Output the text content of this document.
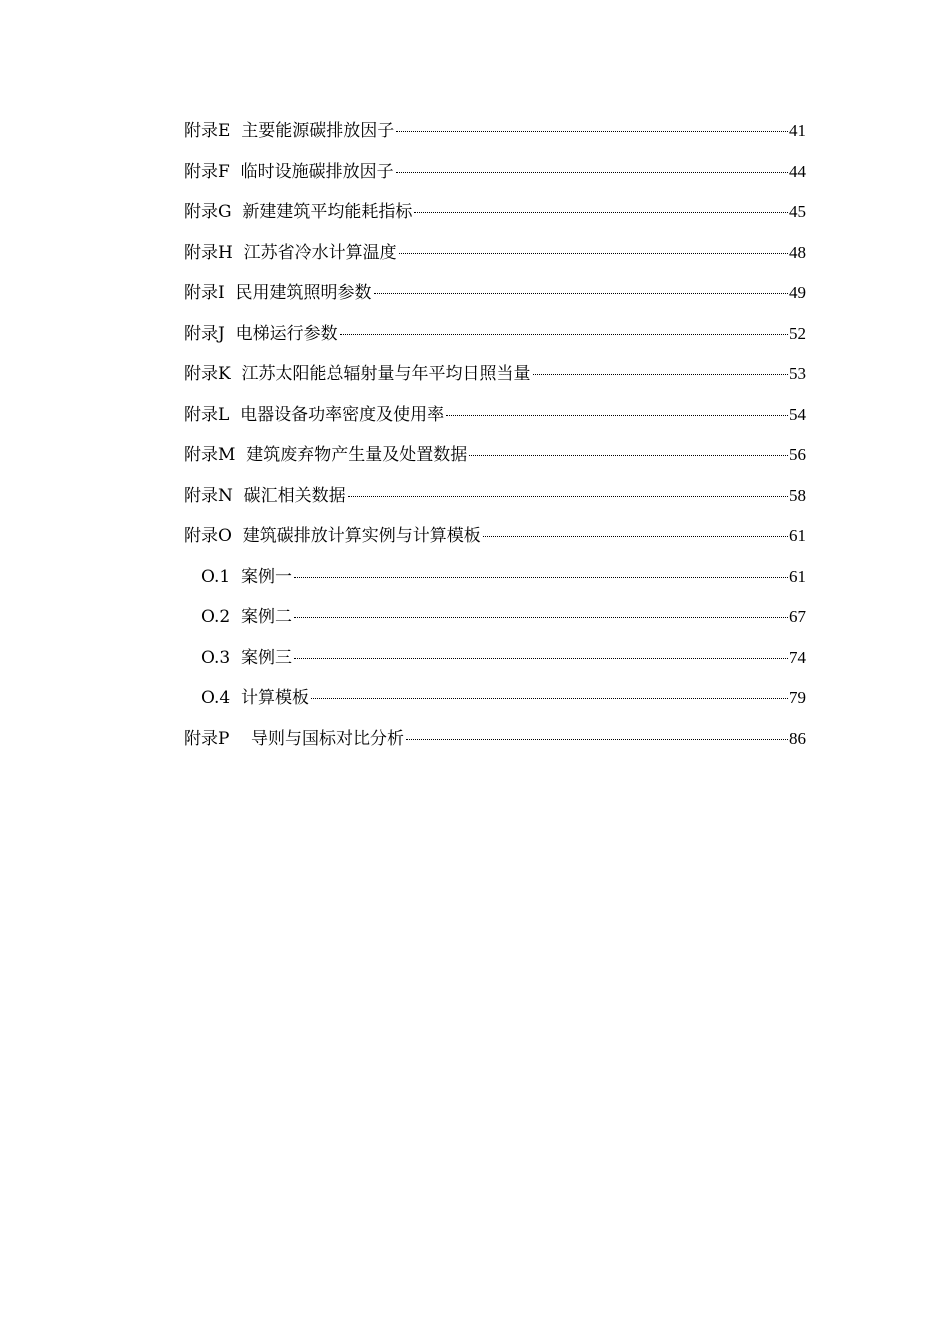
附录E  主要能源碳排放因子	41
附录F  临时设施碳排放因子	44
附录G  新建建筑平均能耗指标	45
附录H  江苏省冷水计算温度	48
附录I  民用建筑照明参数	49
附录J  电梯运行参数	52
附录K  江苏太阳能总辐射量与年平均日照当量	53
附录L  电器设备功率密度及使用率	54
附录M  建筑废弃物产生量及处置数据	56
附录N  碳汇相关数据	58
附录O  建筑碳排放计算实例与计算模板	61
O.1  案例一	61
O.2  案例二	67
O.3  案例三	74
O.4  计算模板	79
附录P    导则与国标对比分析	86
